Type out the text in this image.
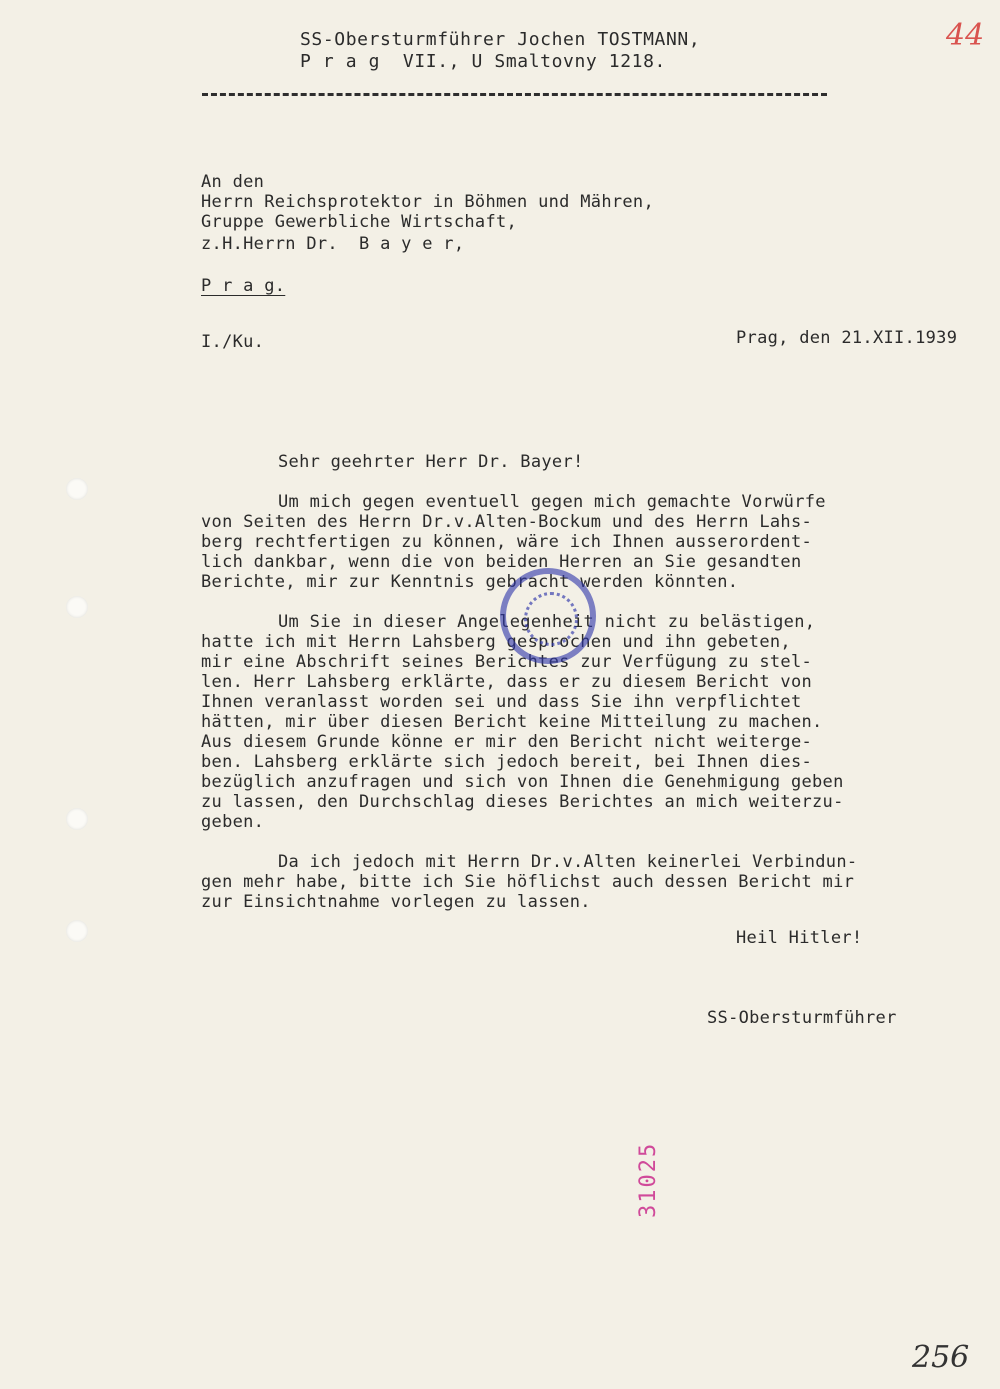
SS-Obersturmführer Jochen TOSTMANN,
P r a g  VII., U Smaltovny 1218.
44
An den
Herrn Reichsprotektor in Böhmen und Mähren,
Gruppe Gewerbliche Wirtschaft,
z.H.Herrn Dr.  B a y e r,
P r a g.
I./Ku.	Prag, den 21.XII.1939
Sehr geehrter Herr Dr. Bayer!
Um mich gegen eventuell gegen mich gemachte Vorwürfe
von Seiten des Herrn Dr.v.Alten-Bockum und des Herrn Lahs-
berg rechtfertigen zu können, wäre ich Ihnen ausserordent-
lich dankbar, wenn die von beiden Herren an Sie gesandten
Berichte, mir zur Kenntnis gebracht werden könnten.
Um Sie in dieser Angelegenheit nicht zu belästigen,
hatte ich mit Herrn Lahsberg gesprochen und ihn gebeten,
mir eine Abschrift seines Berichtes zur Verfügung zu stel-
len. Herr Lahsberg erklärte, dass er zu diesem Bericht von
Ihnen veranlasst worden sei und dass Sie ihn verpflichtet
hätten, mir über diesen Bericht keine Mitteilung zu machen.
Aus diesem Grunde könne er mir den Bericht nicht weiterge-
ben. Lahsberg erklärte sich jedoch bereit, bei Ihnen dies-
bezüglich anzufragen und sich von Ihnen die Genehmigung geben
zu lassen, den Durchschlag dieses Berichtes an mich weiterzu-
geben.
Da ich jedoch mit Herrn Dr.v.Alten keinerlei Verbindun-
gen mehr habe, bitte ich Sie höflichst auch dessen Bericht mir
zur Einsichtnahme vorlegen zu lassen.
Heil Hitler!
SS-Obersturmführer
31025
256
